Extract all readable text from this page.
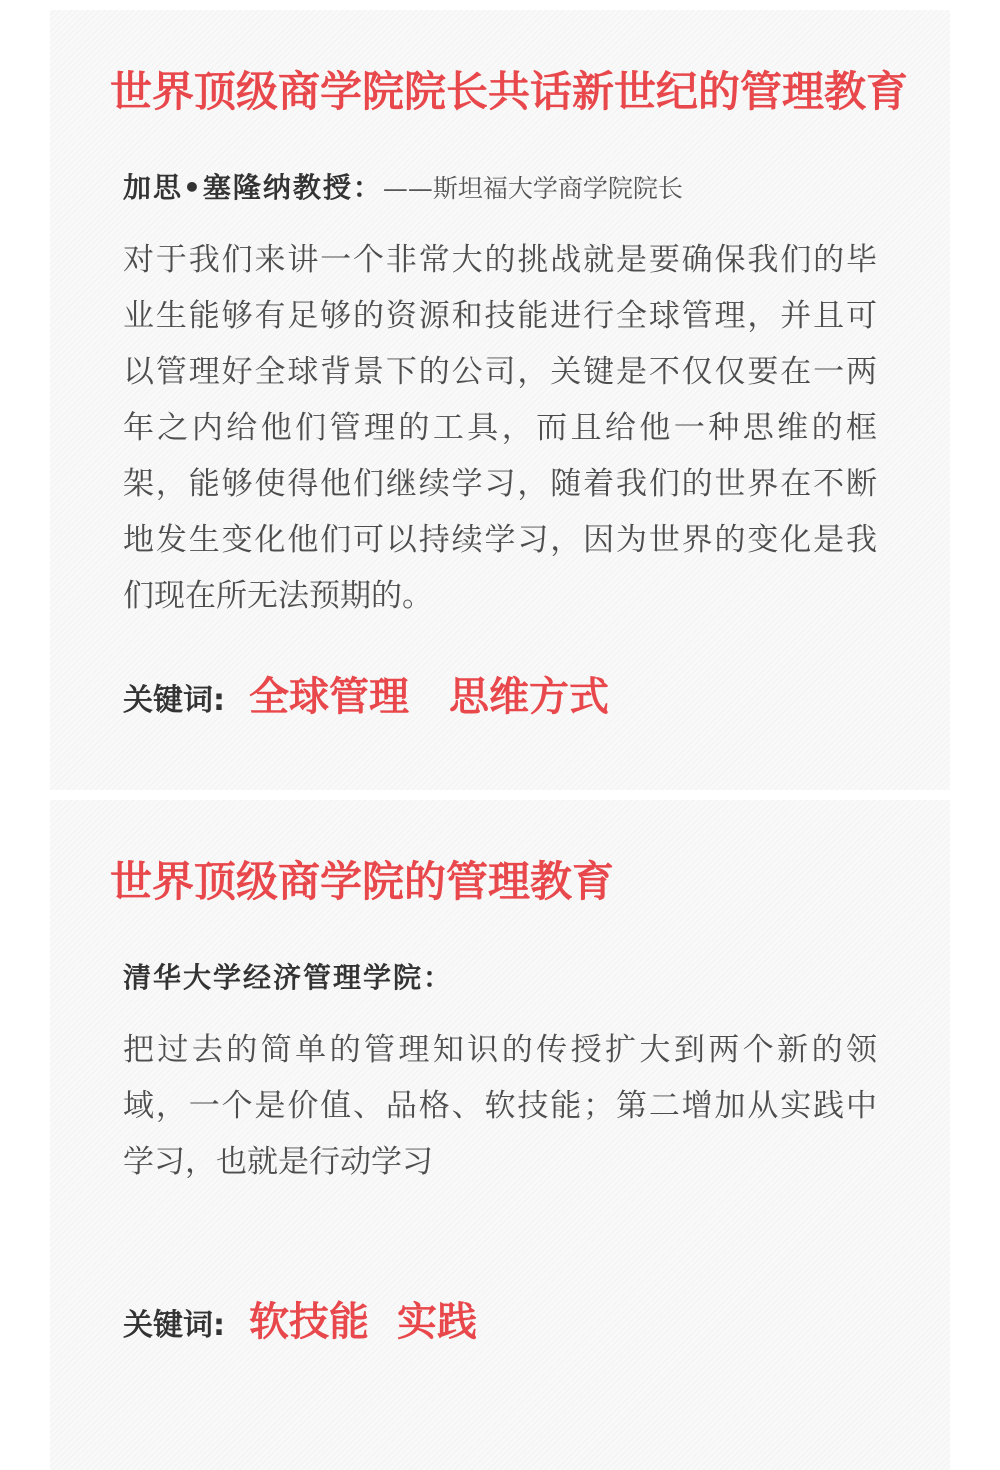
世界顶级商学院院长共话新世纪的管理教育
加思•塞隆纳教授：——斯坦福大学商学院院长
对于我们来讲一个非常大的挑战就是要确保我们的毕
业生能够有足够的资源和技能进行全球管理，并且可
以管理好全球背景下的公司，关键是不仅仅要在一两
年之内给他们管理的工具，而且给他一种思维的框
架，能够使得他们继续学习，随着我们的世界在不断
地发生变化他们可以持续学习，因为世界的变化是我
们现在所无法预期的。
关键词: 全球管理 思维方式
世界顶级商学院的管理教育
清华大学经济管理学院：
把过去的简单的管理知识的传授扩大到两个新的领
域，一个是价值、品格、软技能；第二增加从实践中
学习，也就是行动学习
关键词: 软技能 实践
